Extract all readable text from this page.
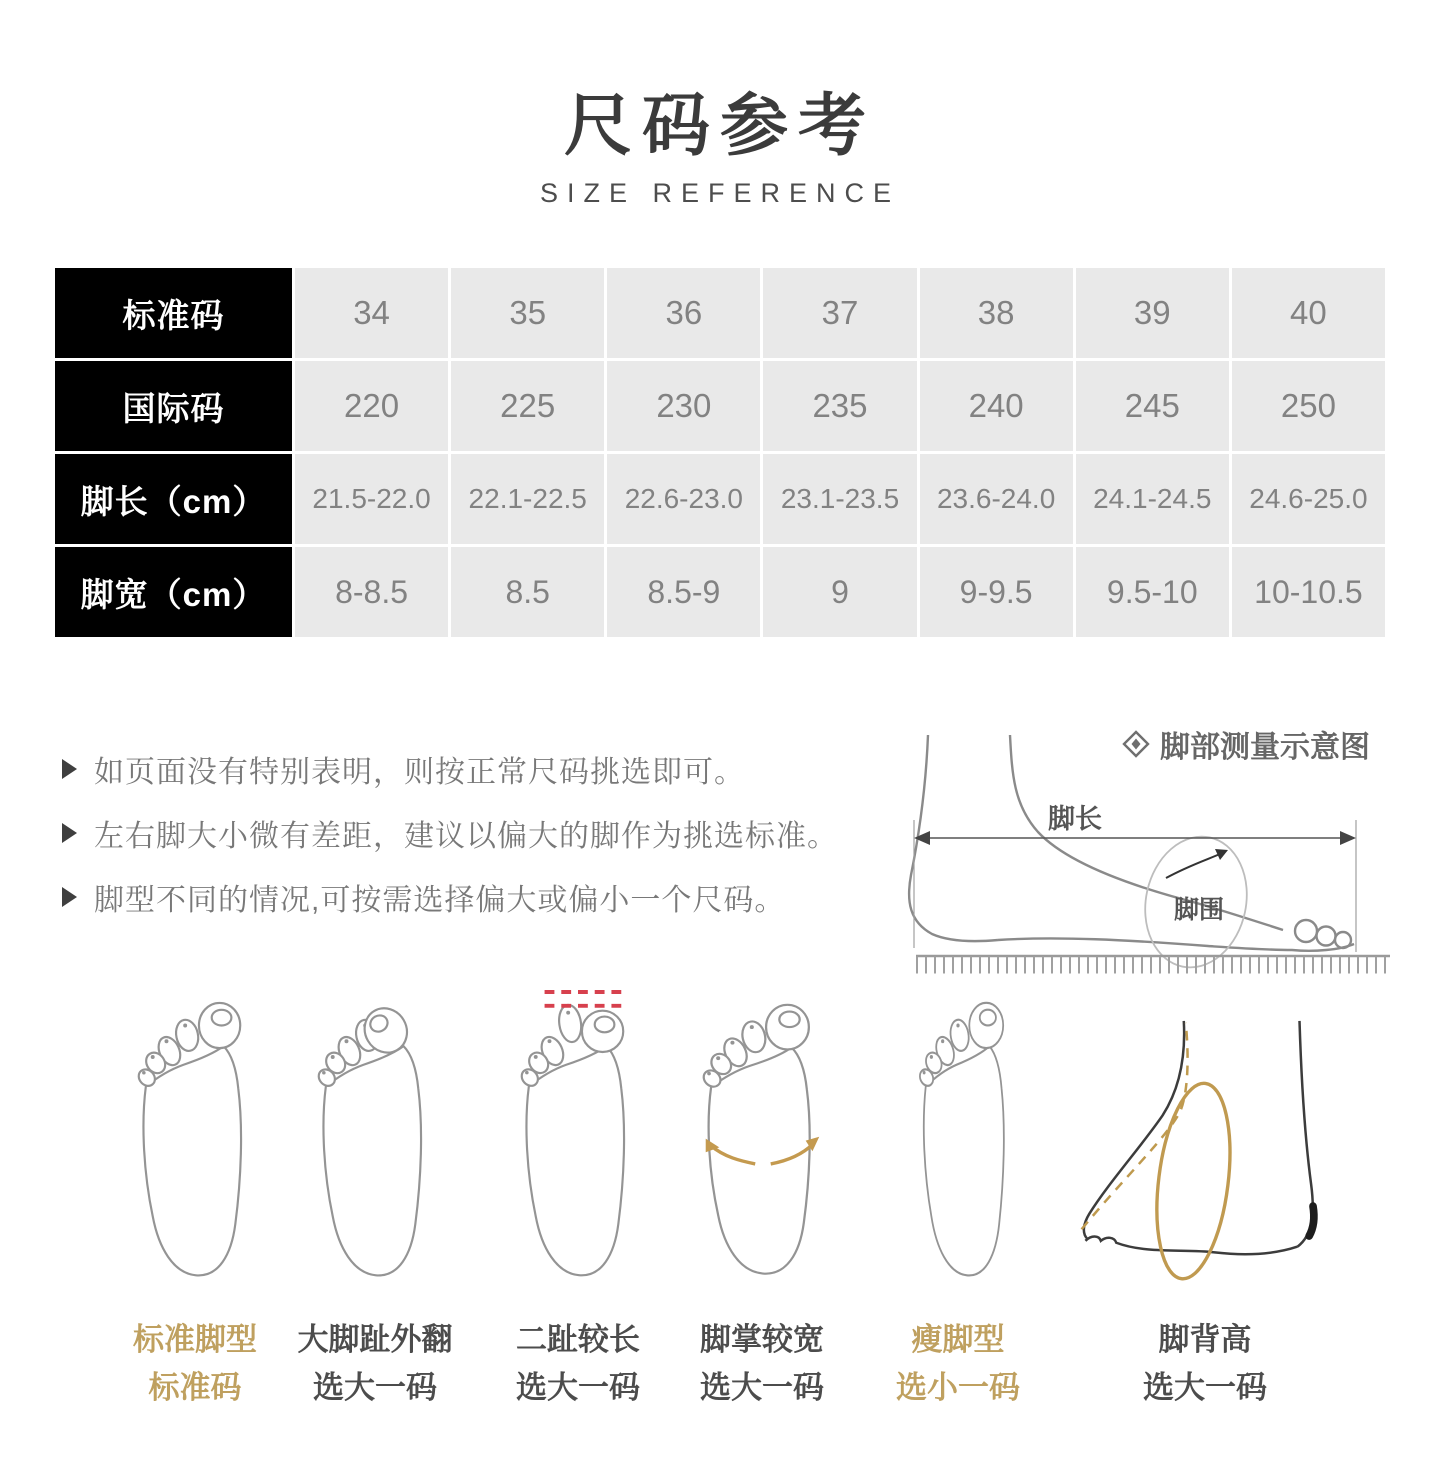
尺码参考
SIZE REFERENCE
标准码	34	35	36	37	38	39	40
国际码	220	225	230	235	240	245	250
脚长（cm）	21.5-22.0	22.1-22.5	22.6-23.0	23.1-23.5	23.6-24.0	24.1-24.5	24.6-25.0
脚宽（cm）	8-8.5	8.5	8.5-9	9	9-9.5	9.5-10	10-10.5
如页面没有特别表明，则按正常尺码挑选即可。
左右脚大小微有差距，建议以偏大的脚作为挑选标准。
脚型不同的情况,可按需选择偏大或偏小一个尺码。
脚部测量示意图
脚长
脚围
标准脚型
标准码
大脚趾外翻
选大一码
二趾较长
选大一码
脚掌较宽
选大一码
瘦脚型
选小一码
脚背高
选大一码
